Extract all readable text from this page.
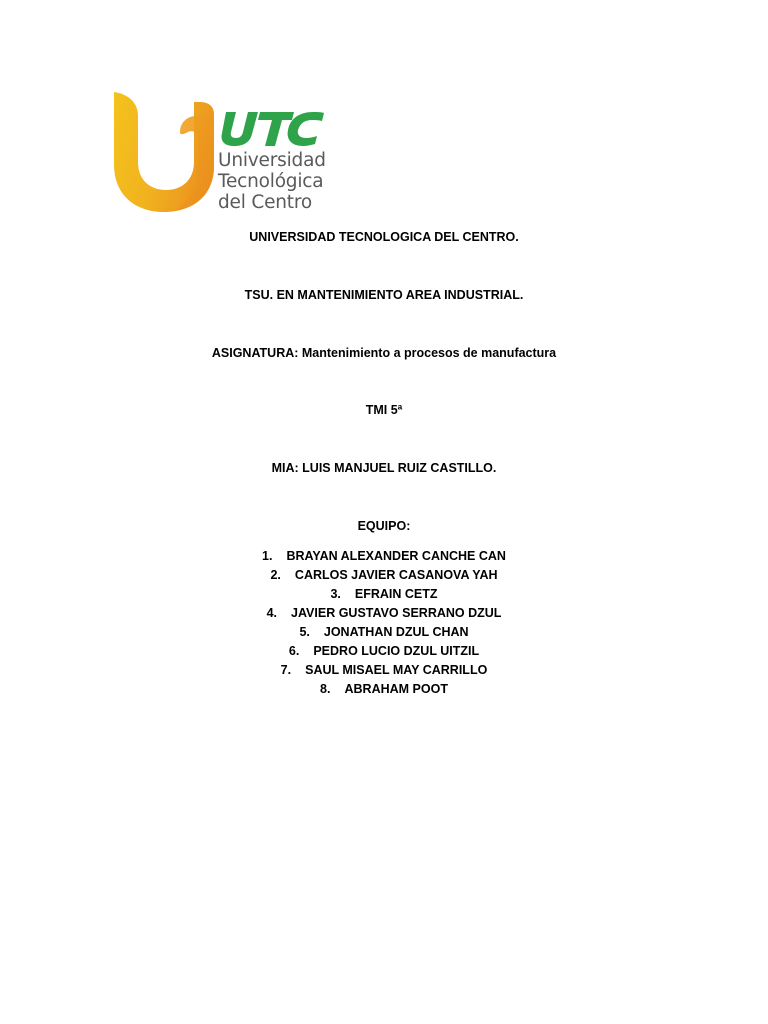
Universidad
Tecnológica
del Centro
UNIVERSIDAD TECNOLOGICA DEL CENTRO.
TSU. EN MANTENIMIENTO AREA INDUSTRIAL.
ASIGNATURA: Mantenimiento a procesos de manufactura
TMI 5ª
MIA: LUIS MANJUEL RUIZ CASTILLO.
EQUIPO:
1. BRAYAN ALEXANDER CANCHE CAN
2. CARLOS JAVIER CASANOVA YAH
3. EFRAIN CETZ
4. JAVIER GUSTAVO SERRANO DZUL
5. JONATHAN DZUL CHAN
6. PEDRO LUCIO DZUL UITZIL
7. SAUL MISAEL MAY CARRILLO
8. ABRAHAM POOT
